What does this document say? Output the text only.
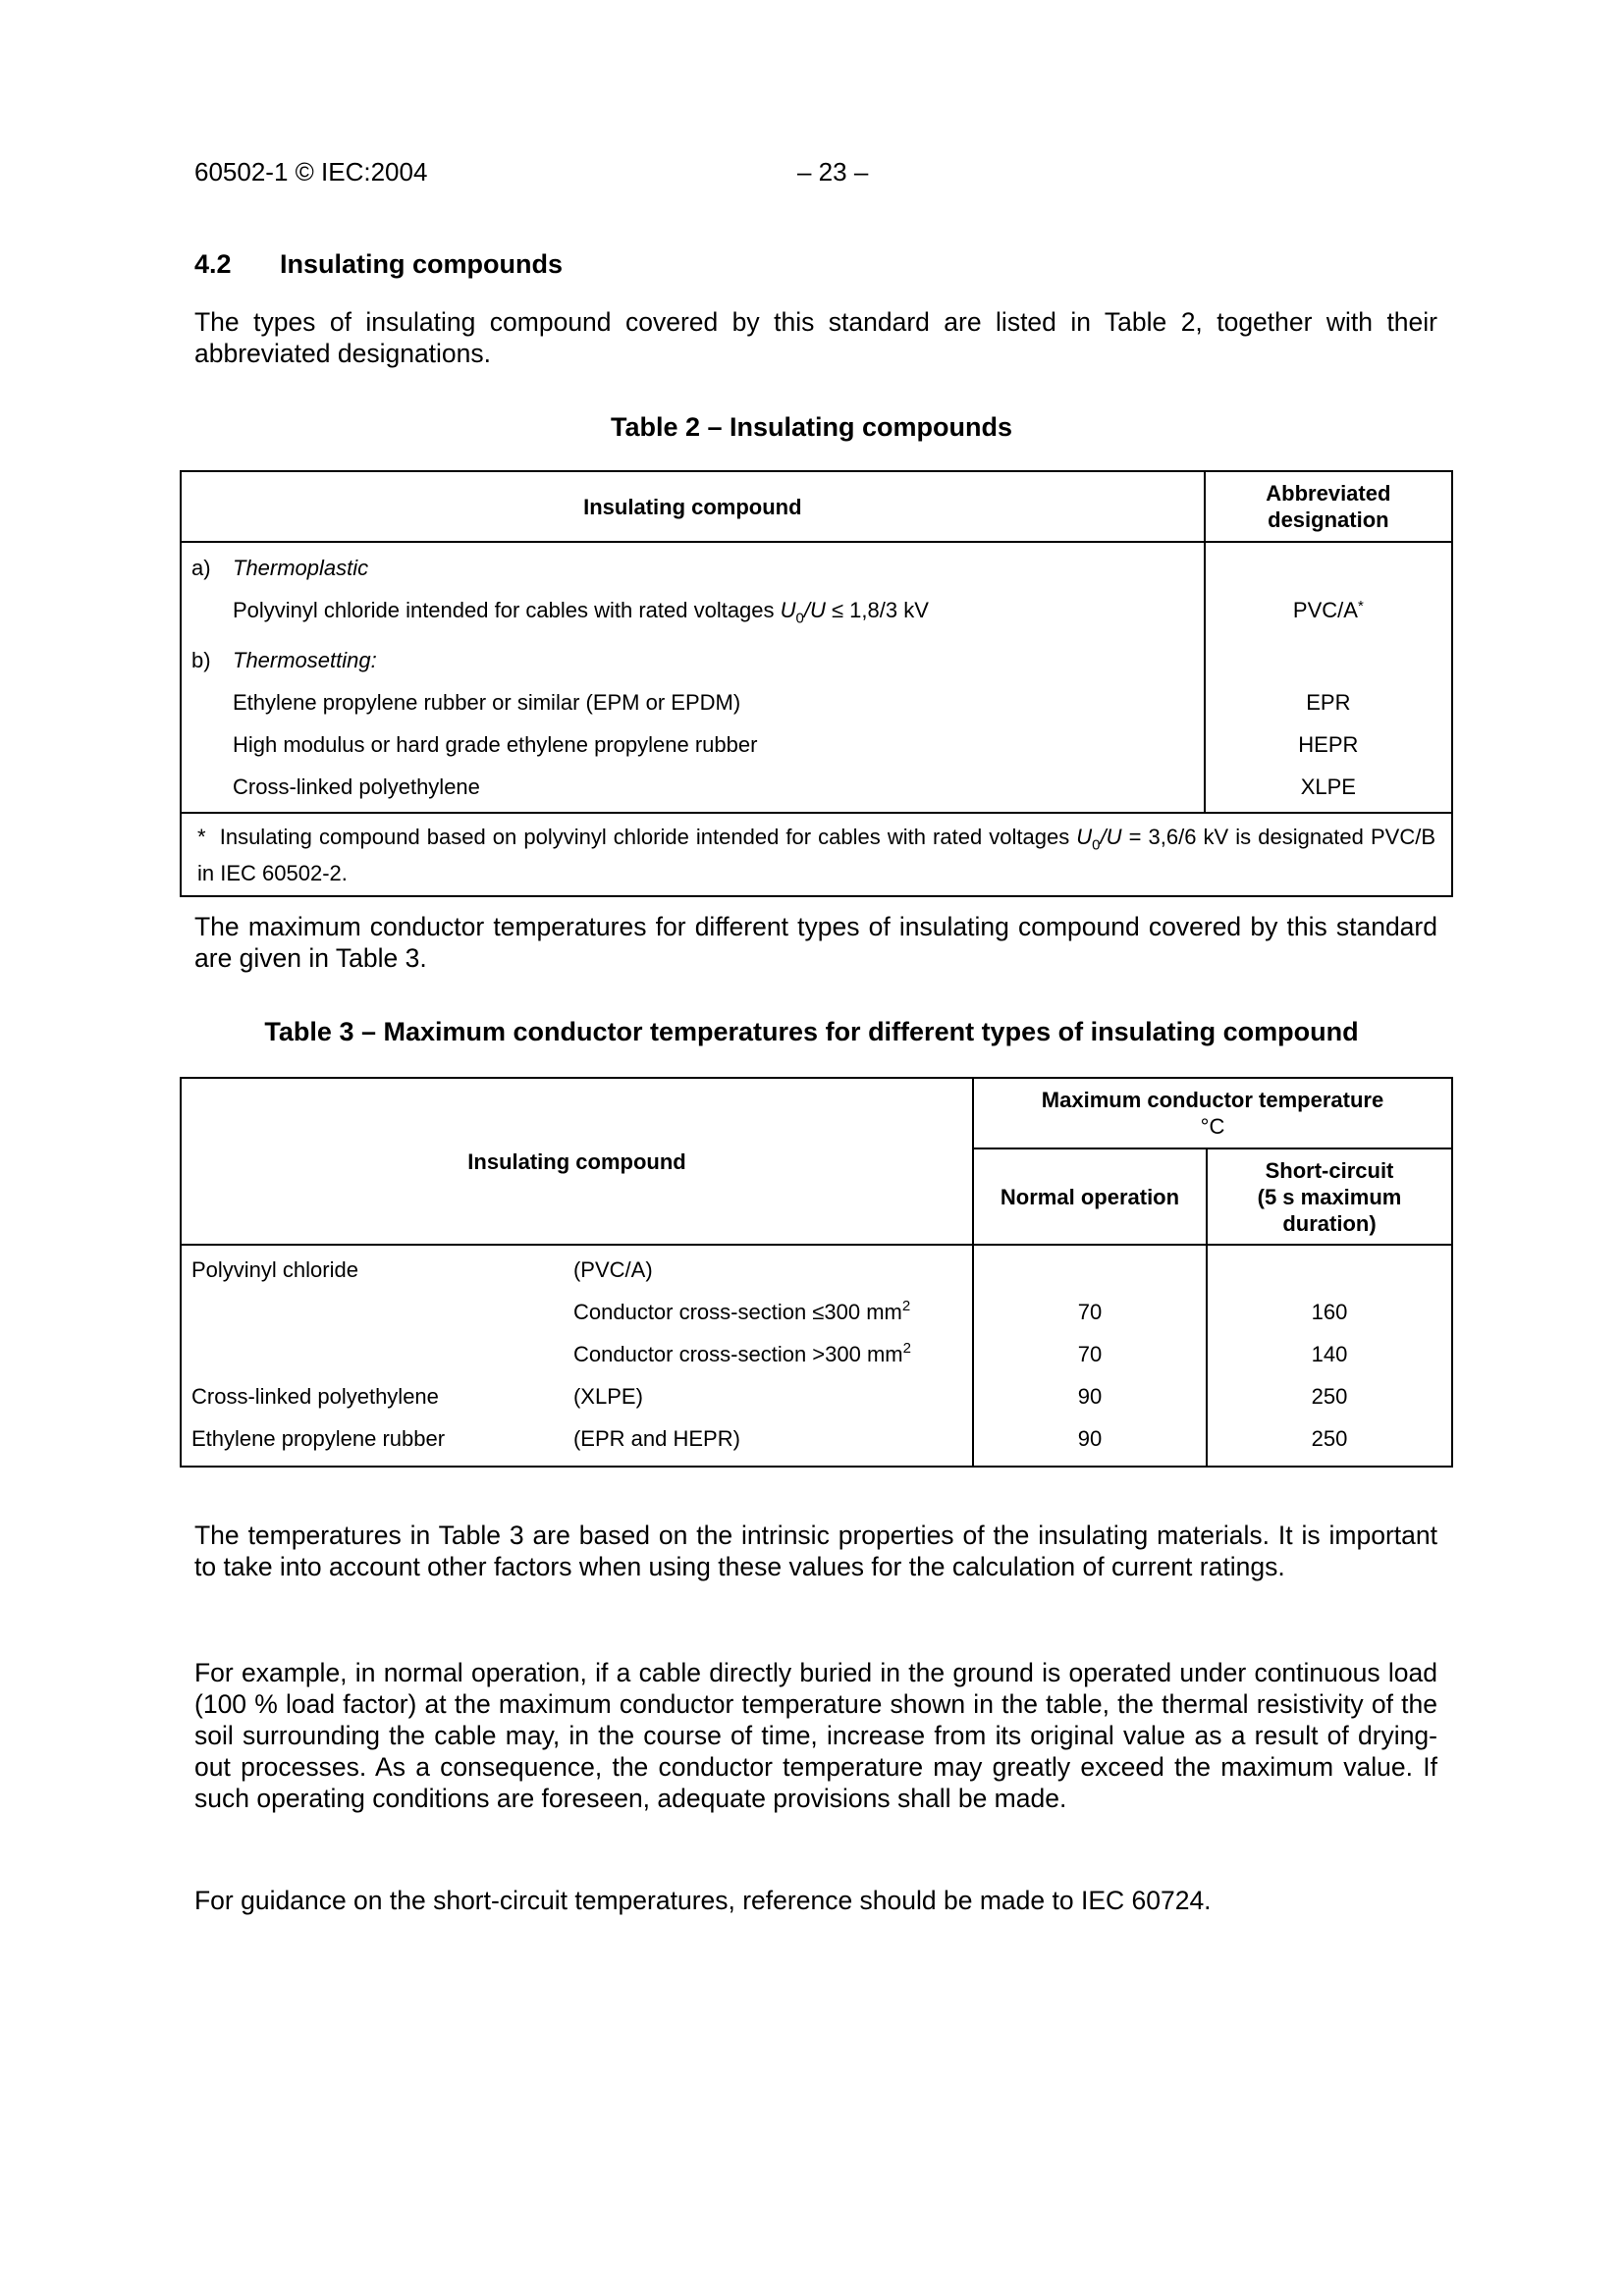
60502-1 © IEC:2004	– 23 –
4.2 Insulating compounds
The types of insulating compound covered by this standard are listed in Table 2, together with their abbreviated designations.
Table 2 – Insulating compounds
Insulating compound	Abbreviated
designation
a) Thermoplastic	
Polyvinyl chloride intended for cables with rated voltages $U_0/U \le 1,8/3$ kV	PVC/A*
b) Thermosetting:	
Ethylene propylene rubber or similar (EPM or EPDM)	EPR
High modulus or hard grade ethylene propylene rubber	HEPR
Cross-linked polyethylene	XLPE
* Insulating compound based on polyvinyl chloride intended for cables with rated voltages $U_0/U = 3,6/6$ kV is designated PVC/B in IEC 60502-2.	
The maximum conductor temperatures for different types of insulating compound covered by this standard are given in Table 3.
Table 3 – Maximum conductor temperatures for different types of insulating compound
Insulating compound		Maximum conductor temperature
°C	
		Normal operation	Short-circuit
(5 s maximum
duration)
Polyvinyl chloride	(PVC/A)		
	Conductor cross-section ≤300 $mm^2$	70	160
	Conductor cross-section >300 $mm^2$	70	140
Cross-linked polyethylene	(XLPE)	90	250
Ethylene propylene rubber	(EPR and HEPR)	90	250
The temperatures in Table 3 are based on the intrinsic properties of the insulating materials. It is important to take into account other factors when using these values for the calculation of current ratings.
For example, in normal operation, if a cable directly buried in the ground is operated under continuous load (100 % load factor) at the maximum conductor temperature shown in the table, the thermal resistivity of the soil surrounding the cable may, in the course of time, increase from its original value as a result of drying-out processes. As a consequence, the conductor temperature may greatly exceed the maximum value. If such operating conditions are foreseen, adequate provisions shall be made.
For guidance on the short-circuit temperatures, reference should be made to IEC 60724.
